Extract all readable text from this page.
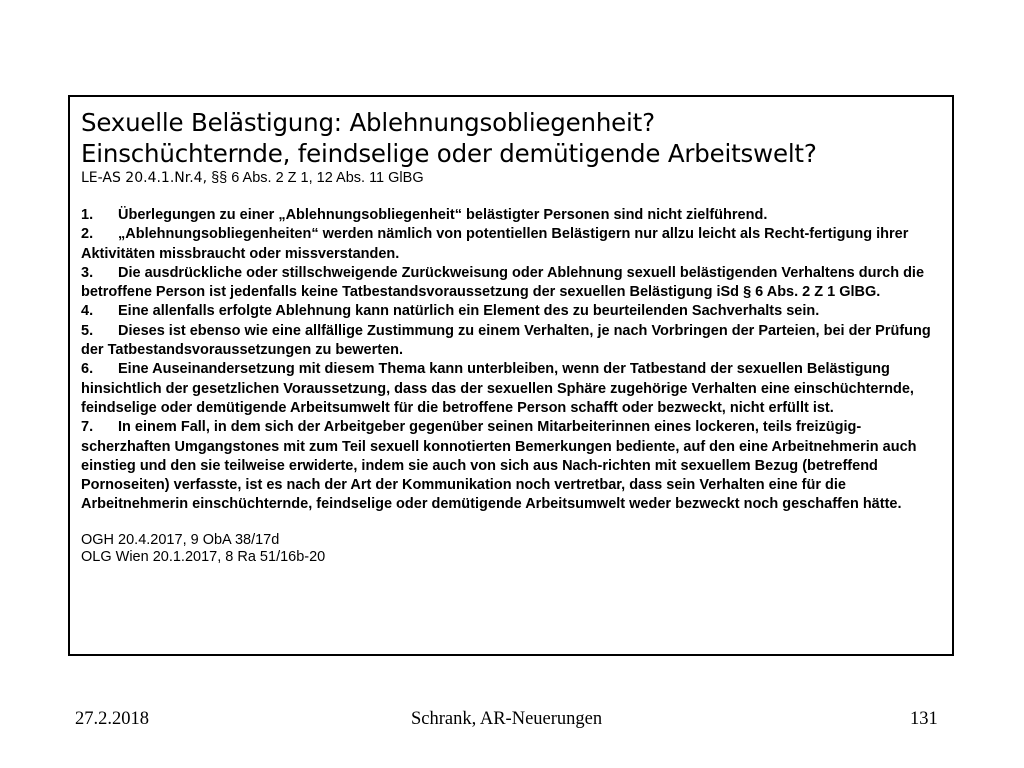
Sexuelle Belästigung: Ablehnungsobliegenheit?
Einschüchternde, feindselige oder demütigende Arbeitswelt?
LE-AS 20.4.1.Nr.4, §§ 6 Abs. 2 Z 1, 12 Abs. 11 GlBG
1. Überlegungen zu einer „Ablehnungsobliegenheit“ belästigter Personen sind nicht zielführend.
2. „Ablehnungsobliegenheiten“ werden nämlich von potentiellen Belästigern nur allzu leicht als Recht-fertigung ihrer Aktivitäten missbraucht oder missverstanden.
3. Die ausdrückliche oder stillschweigende Zurückweisung oder Ablehnung sexuell belästigenden Verhaltens durch die betroffene Person ist jedenfalls keine Tatbestandsvoraussetzung der sexuellen Belästigung iSd § 6 Abs. 2 Z 1 GlBG.
4. Eine allenfalls erfolgte Ablehnung kann natürlich ein Element des zu beurteilenden Sachverhalts sein.
5. Dieses ist ebenso wie eine allfällige Zustimmung zu einem Verhalten, je nach Vorbringen der Parteien, bei der Prüfung der Tatbestandsvoraussetzungen zu bewerten.
6. Eine Auseinandersetzung mit diesem Thema kann unterbleiben, wenn der Tatbestand der sexuellen Belästigung hinsichtlich der gesetzlichen Voraussetzung, dass das der sexuellen Sphäre zugehörige Verhalten eine einschüchternde, feindselige oder demütigende Arbeitsumwelt für die betroffene Person schafft oder bezweckt, nicht erfüllt ist.
7. In einem Fall, in dem sich der Arbeitgeber gegenüber seinen Mitarbeiterinnen eines lockeren, teils freizügig-scherzhaften Umgangstones mit zum Teil sexuell konnotierten Bemerkungen bediente, auf den eine Arbeitnehmerin auch einstieg und den sie teilweise erwiderte, indem sie auch von sich aus Nach-richten mit sexuellem Bezug (betreffend Pornoseiten) verfasste, ist es nach der Art der Kommunikation noch vertretbar, dass sein Verhalten eine für die Arbeitnehmerin einschüchternde, feindselige oder demütigende Arbeitsumwelt weder bezweckt noch geschaffen hätte.
OGH 20.4.2017, 9 ObA 38/17d
OLG Wien 20.1.2017, 8 Ra 51/16b-20
27.2.2018	Schrank, AR-Neuerungen	131
